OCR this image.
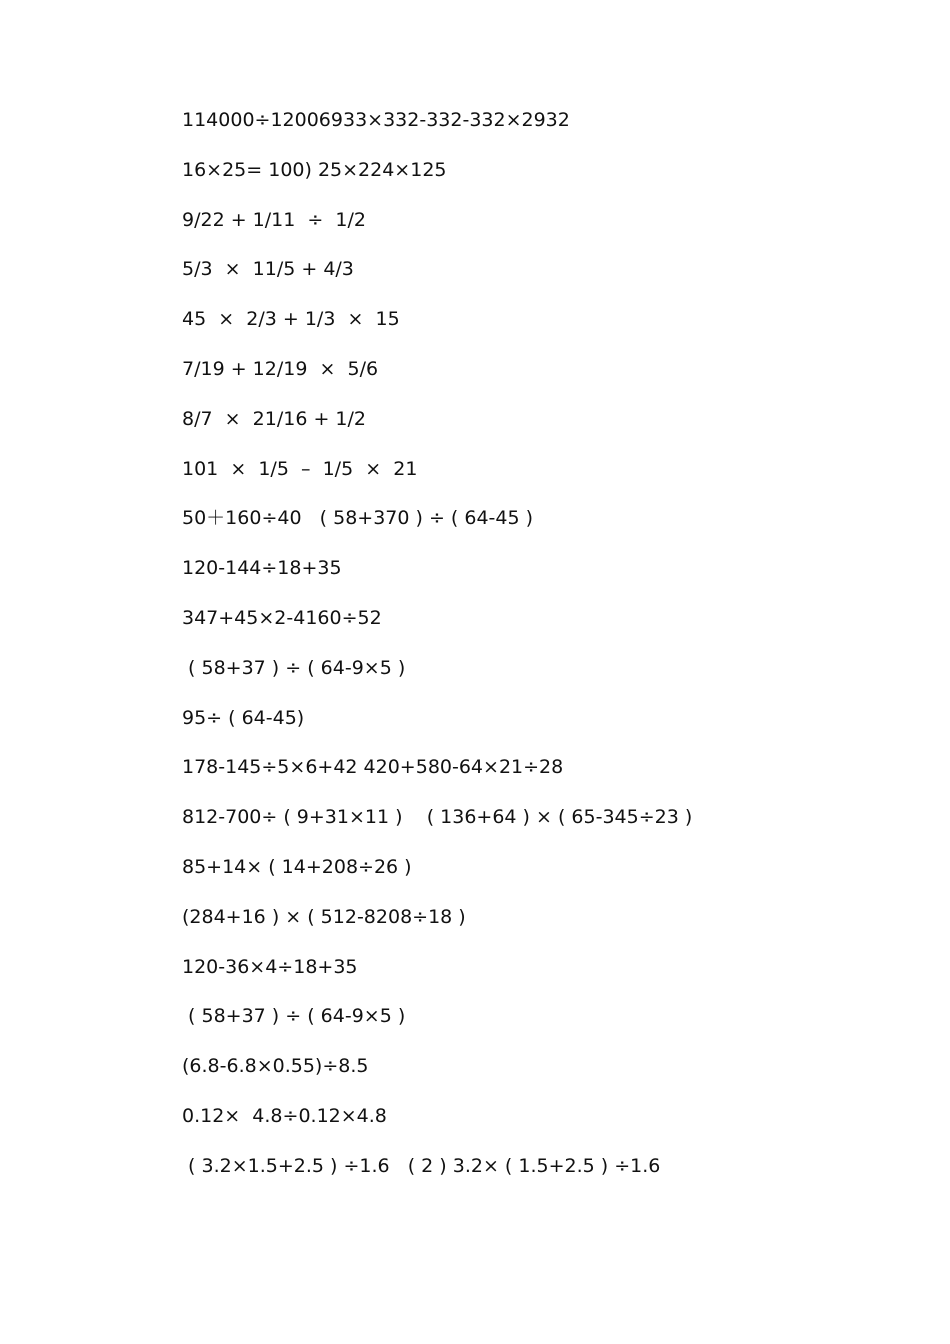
114000÷12006933×332-332-332×2932
16×25= 100) 25×224×125
9/22 + 1/11  ÷  1/2
5/3  ×  11/5 + 4/3
45  ×  2/3 + 1/3  ×  15
7/19 + 12/19  ×  5/6
8/7  ×  21/16 + 1/2
101  ×  1/5  –  1/5  ×  21
50＋160÷40   ( 58+370 ) ÷ ( 64-45 )
120-144÷18+35
347+45×2-4160÷52
( 58+37 ) ÷ ( 64-9×5 )
95÷ ( 64-45)
178-145÷5×6+42 420+580-64×21÷28
812-700÷ ( 9+31×11 )    ( 136+64 ) × ( 65-345÷23 )
85+14× ( 14+208÷26 )
(284+16 ) × ( 512-8208÷18 )
120-36×4÷18+35
( 58+37 ) ÷ ( 64-9×5 )
(6.8-6.8×0.55)÷8.5
0.12×  4.8÷0.12×4.8
( 3.2×1.5+2.5 ) ÷1.6   ( 2 ) 3.2× ( 1.5+2.5 ) ÷1.6
